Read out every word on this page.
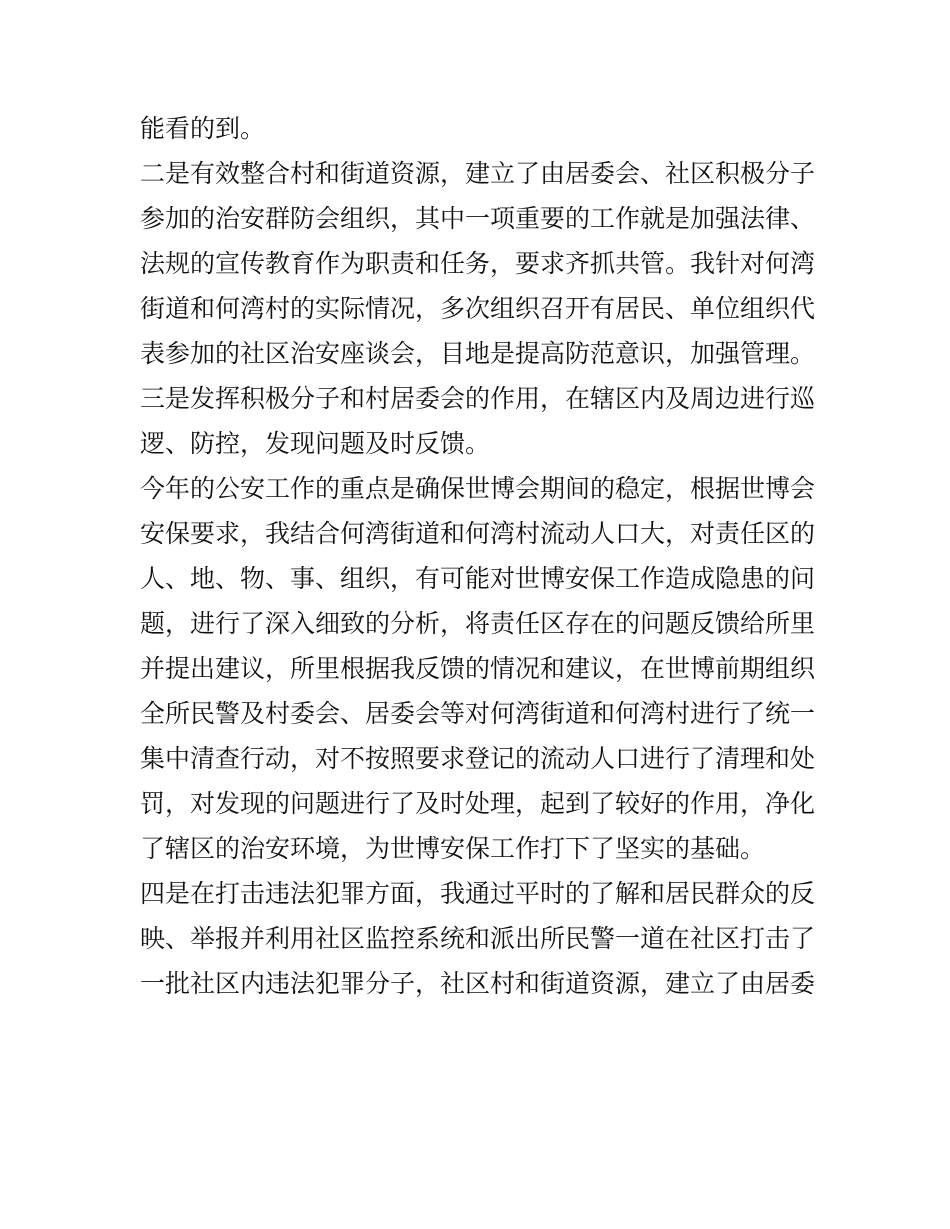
能看的到。
二是有效整合村和街道资源，建立了由居委会、社区积极分子
参加的治安群防会组织，其中一项重要的工作就是加强法律、
法规的宣传教育作为职责和任务，要求齐抓共管。我针对何湾
街道和何湾村的实际情况，多次组织召开有居民、单位组织代
表参加的社区治安座谈会，目地是提高防范意识，加强管理。
三是发挥积极分子和村居委会的作用，在辖区内及周边进行巡
逻、防控，发现问题及时反馈。
今年的公安工作的重点是确保世博会期间的稳定，根据世博会
安保要求，我结合何湾街道和何湾村流动人口大，对责任区的
人、地、物、事、组织，有可能对世博安保工作造成隐患的问
题，进行了深入细致的分析，将责任区存在的问题反馈给所里
并提出建议，所里根据我反馈的情况和建议，在世博前期组织
全所民警及村委会、居委会等对何湾街道和何湾村进行了统一
集中清查行动，对不按照要求登记的流动人口进行了清理和处
罚，对发现的问题进行了及时处理，起到了较好的作用，净化
了辖区的治安环境，为世博安保工作打下了坚实的基础。
四是在打击违法犯罪方面，我通过平时的了解和居民群众的反
映、举报并利用社区监控系统和派出所民警一道在社区打击了
一批社区内违法犯罪分子，社区村和街道资源，建立了由居委
